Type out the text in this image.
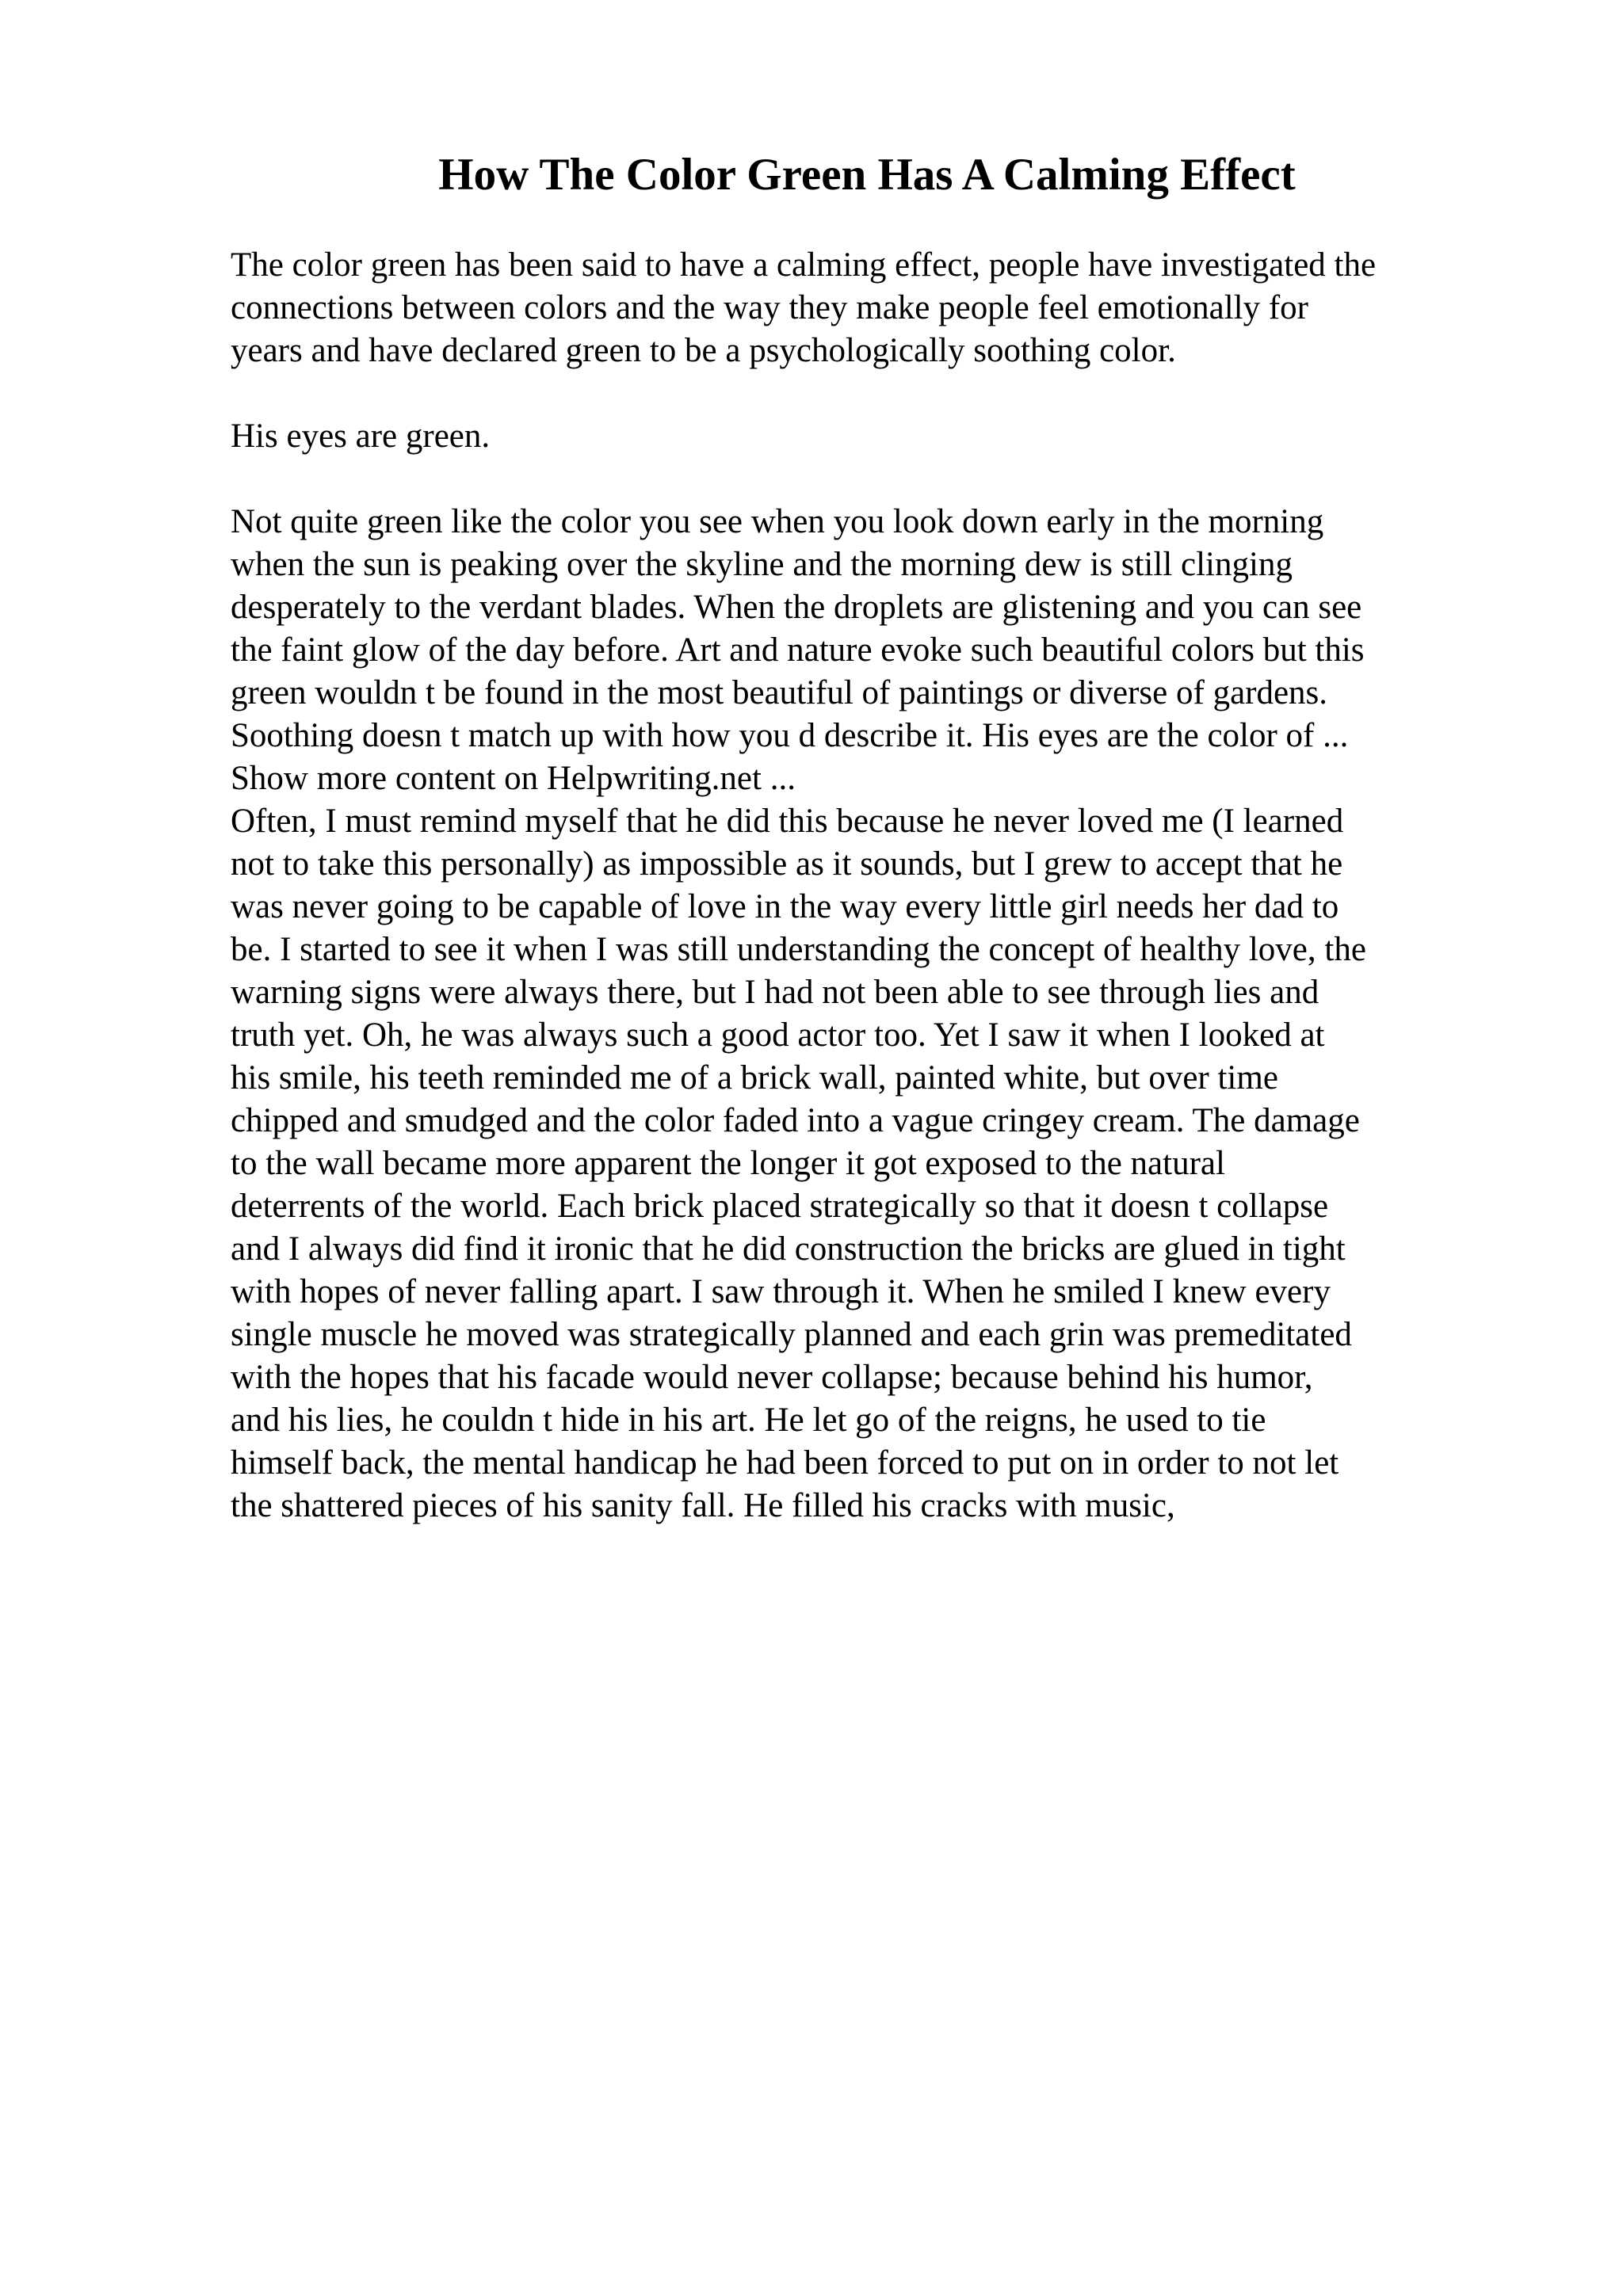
How The Color Green Has A Calming Effect
The color green has been said to have a calming effect, people have investigated the
connections between colors and the way they make people feel emotionally for
years and have declared green to be a psychologically soothing color.
His eyes are green.
Not quite green like the color you see when you look down early in the morning
when the sun is peaking over the skyline and the morning dew is still clinging
desperately to the verdant blades. When the droplets are glistening and you can see
the faint glow of the day before. Art and nature evoke such beautiful colors but this
green wouldn t be found in the most beautiful of paintings or diverse of gardens.
Soothing doesn t match up with how you d describe it. His eyes are the color of ...
Show more content on Helpwriting.net ...
Often, I must remind myself that he did this because he never loved me (I learned
not to take this personally) as impossible as it sounds, but I grew to accept that he
was never going to be capable of love in the way every little girl needs her dad to
be. I started to see it when I was still understanding the concept of healthy love, the
warning signs were always there, but I had not been able to see through lies and
truth yet. Oh, he was always such a good actor too. Yet I saw it when I looked at
his smile, his teeth reminded me of a brick wall, painted white, but over time
chipped and smudged and the color faded into a vague cringey cream. The damage
to the wall became more apparent the longer it got exposed to the natural
deterrents of the world. Each brick placed strategically so that it doesn t collapse
and I always did find it ironic that he did construction the bricks are glued in tight
with hopes of never falling apart. I saw through it. When he smiled I knew every
single muscle he moved was strategically planned and each grin was premeditated
with the hopes that his facade would never collapse; because behind his humor,
and his lies, he couldn t hide in his art. He let go of the reigns, he used to tie
himself back, the mental handicap he had been forced to put on in order to not let
the shattered pieces of his sanity fall. He filled his cracks with music,
